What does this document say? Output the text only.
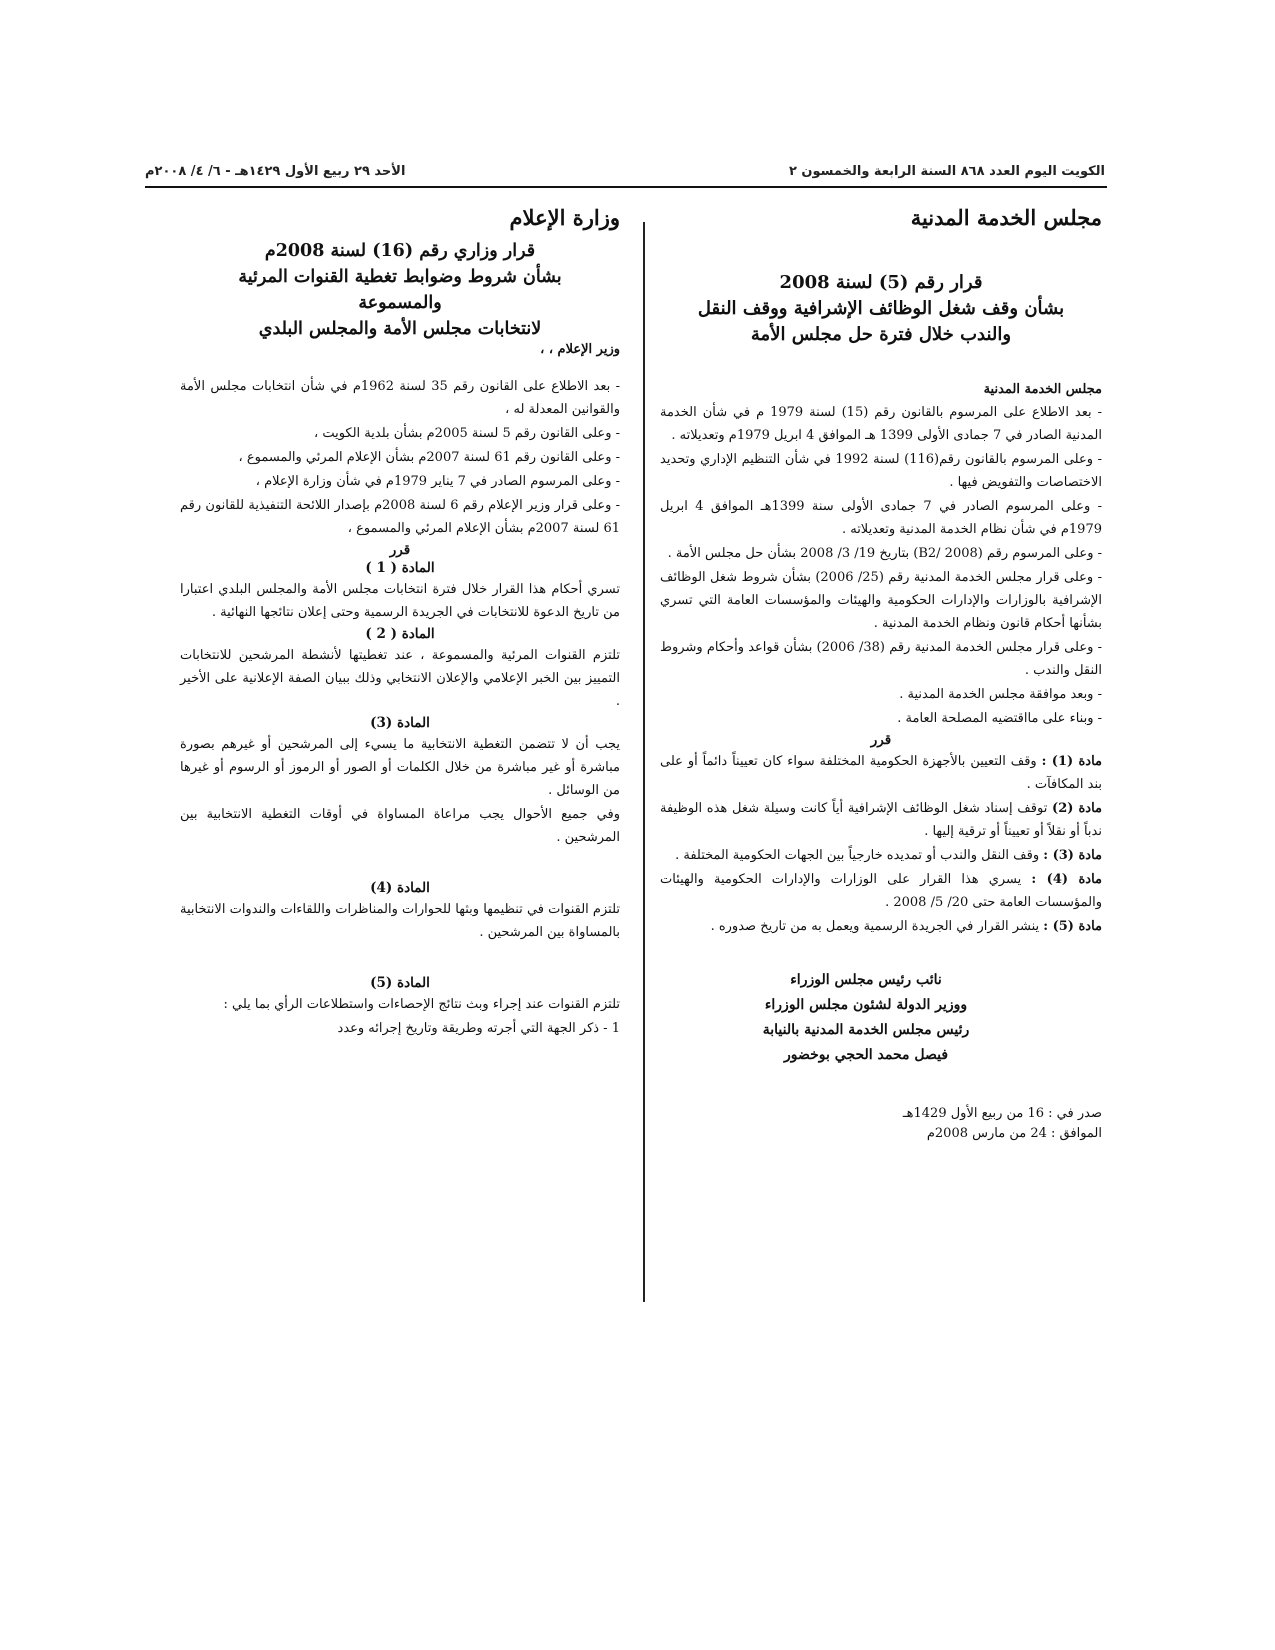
الكويت اليوم العدد ٨٦٨ السنة الرابعة والخمسون ٢
الأحد ٢٩ ربيع الأول ١٤٢٩هـ - ٦/ ٤/ ٢٠٠٨م
مجلس الخدمة المدنية

قرار رقم (5) لسنة 2008

بشأن وقف شغل الوظائف الإشرافية ووقف النقل

والندب خلال فترة حل مجلس الأمة

مجلس الخدمة المدنية

- بعد الاطلاع على المرسوم بالقانون رقم (15) لسنة 1979 م في شأن الخدمة المدنية الصادر في 7 جمادى الأولى 1399 هـ الموافق 4 ابريل 1979م وتعديلاته .

- وعلى المرسوم بالقانون رقم(116) لسنة 1992 في شأن التنظيم الإداري وتحديد الاختصاصات والتفويض فيها .

- وعلى المرسوم الصادر في 7 جمادى الأولى سنة 1399هـ الموافق 4 ابريل 1979م في شأن نظام الخدمة المدنية وتعديلاته .

- وعلى المرسوم رقم (B2/ 2008) بتاريخ 19/ 3/ 2008 بشأن حل مجلس الأمة .

- وعلى قرار مجلس الخدمة المدنية رقم (25/ 2006) بشأن شروط شغل الوظائف الإشرافية بالوزارات والإدارات الحكومية والهيئات والمؤسسات العامة التي تسري بشأنها أحكام قانون ونظام الخدمة المدنية .

- وعلى قرار مجلس الخدمة المدنية رقم (38/ 2006) بشأن قواعد وأحكام وشروط النقل والندب .

- وبعد موافقة مجلس الخدمة المدنية .

- وبناء على مااقتضيه المصلحة العامة .

قرر

مادة (1) : وقف التعيين بالأجهزة الحكومية المختلفة سواء كان تعييناً دائماً أو على بند المكافآت .

مادة (2) توقف إسناد شغل الوظائف الإشرافية أياً كانت وسيلة شغل هذه الوظيفة ندباً أو نقلاً أو تعييناً أو ترقية إليها .

مادة (3) : وقف النقل والندب أو تمديده خارجياً بين الجهات الحكومية المختلفة .

مادة (4) : يسري هذا القرار على الوزارات والإدارات الحكومية والهيئات والمؤسسات العامة حتى 20/ 5/ 2008 .

مادة (5) : ينشر القرار في الجريدة الرسمية ويعمل به من تاريخ صدوره .

نائب رئيس مجلس الوزراء
ووزير الدولة لشئون مجلس الوزراء
رئيس مجلس الخدمة المدنية بالنيابة
فيصل محمد الحجي بوخضور
صدر في : 16 من ربيع الأول 1429هـ
الموافق : 24 من مارس 2008م
وزارة الإعلام

قرار وزاري رقم (16) لسنة 2008م

بشأن شروط وضوابط تغطية القنوات المرئية

والمسموعة

لانتخابات مجلس الأمة والمجلس البلدي

وزير الإعلام ، ،

- بعد الاطلاع على القانون رقم 35 لسنة 1962م في شأن انتخابات مجلس الأمة والقوانين المعدلة له ،

- وعلى القانون رقم 5 لسنة 2005م بشأن بلدية الكويت ،

- وعلى القانون رقم 61 لسنة 2007م بشأن الإعلام المرئي والمسموع ،

- وعلى المرسوم الصادر في 7 يناير 1979م في شأن وزارة الإعلام ،

- وعلى قرار وزير الإعلام رقم 6 لسنة 2008م بإصدار اللائحة التنفيذية للقانون رقم 61 لسنة 2007م بشأن الإعلام المرئي والمسموع ،

قرر
المادة ( 1 )

تسري أحكام هذا القرار خلال فترة انتخابات مجلس الأمة والمجلس البلدي اعتبارا من تاريخ الدعوة للانتخابات في الجريدة الرسمية وحتى إعلان نتائجها النهائية .

المادة ( 2 )

تلتزم القنوات المرئية والمسموعة ، عند تغطيتها لأنشطة المرشحين للانتخابات التمييز بين الخبر الإعلامي والإعلان الانتخابي وذلك ببيان الصفة الإعلانية على الأخير .

المادة (3)

يجب أن لا تتضمن التغطية الانتخابية ما يسيء إلى المرشحين أو غيرهم بصورة مباشرة أو غير مباشرة من خلال الكلمات أو الصور أو الرموز أو الرسوم أو غيرها من الوسائل .

وفي جميع الأحوال يجب مراعاة المساواة في أوقات التغطية الانتخابية بين المرشحين .

المادة (4)

تلتزم القنوات في تنظيمها وبثها للحوارات والمناظرات واللقاءات والندوات الانتخابية بالمساواة بين المرشحين .

المادة (5)

تلتزم القنوات عند إجراء وبث نتائج الإحصاءات واستطلاعات الرأي بما يلي :

1 - ذكر الجهة التي أجرته وطريقة وتاريخ إجرائه وعدد
